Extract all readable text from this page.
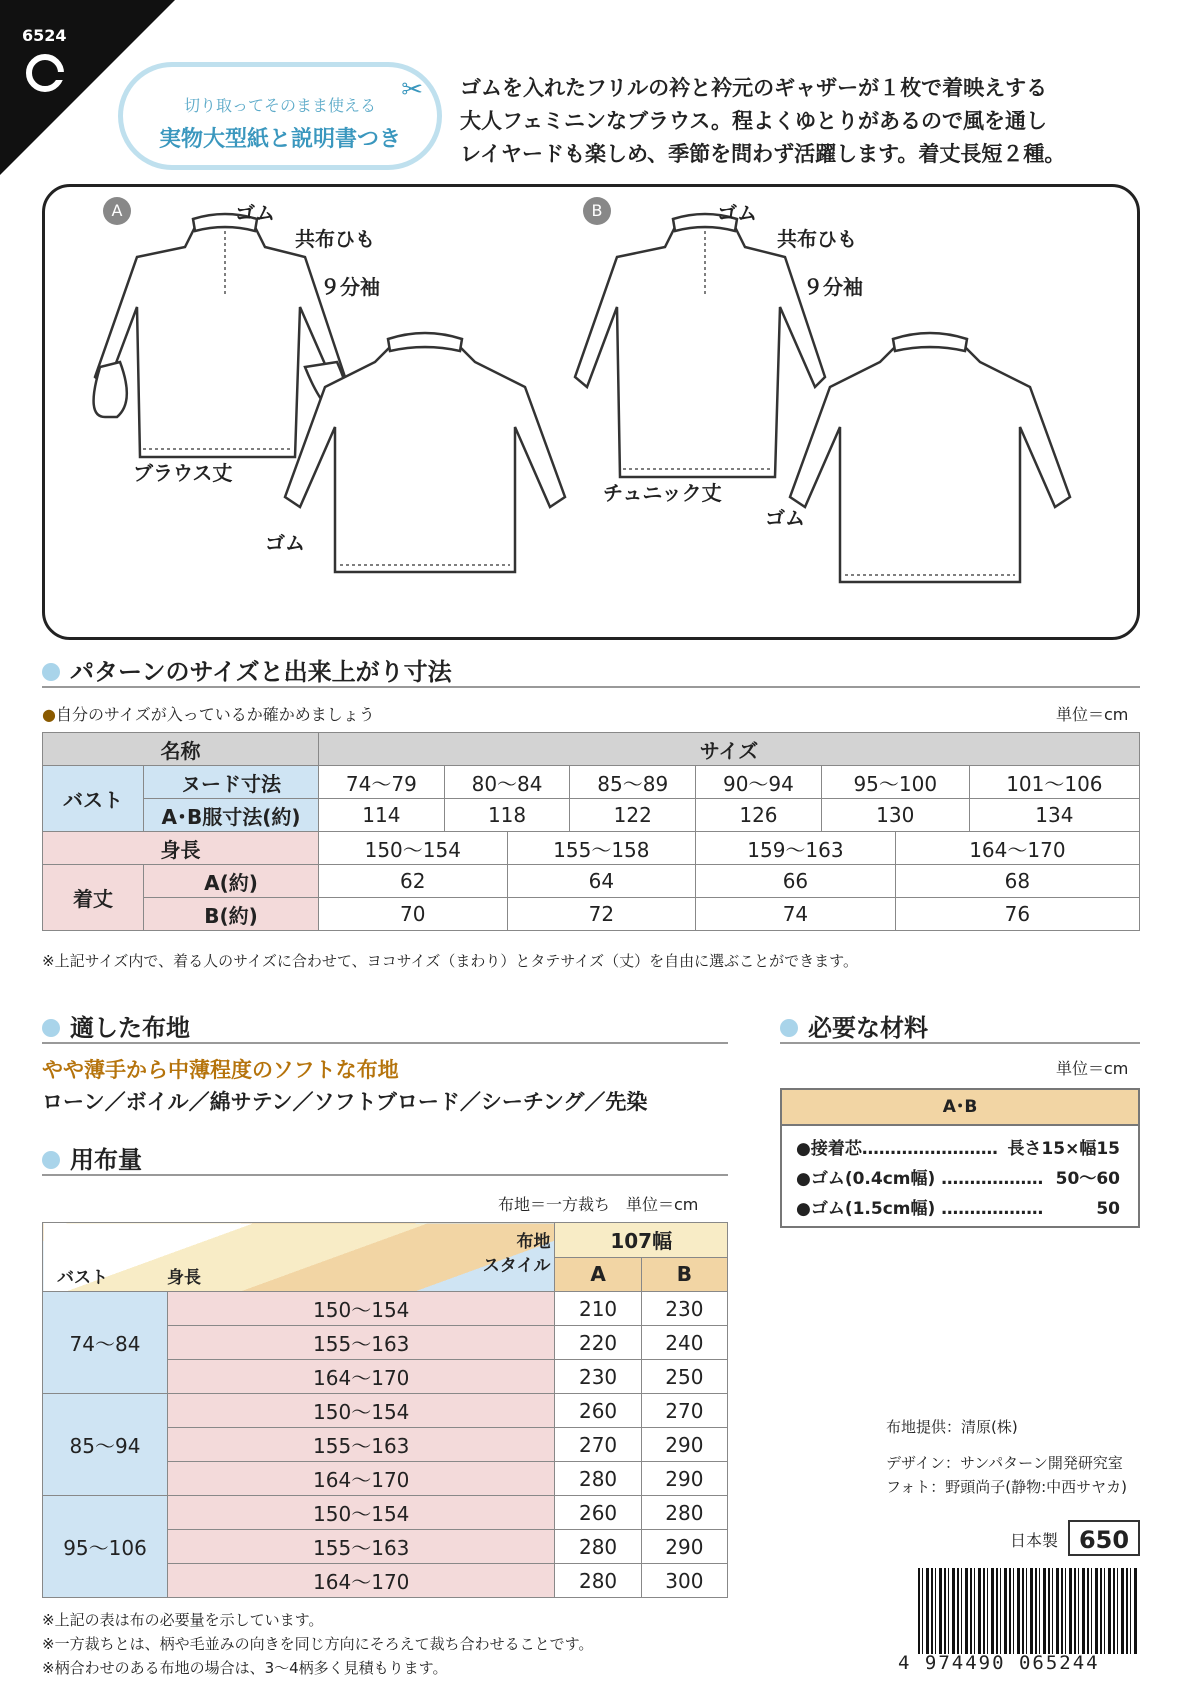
6524
✂
切り取ってそのまま使える
実物大型紙と説明書つき
ゴムを入れたフリルの衿と衿元のギャザーが１枚で着映えする
大人フェミニンなブラウス。程よくゆとりがあるので風を通し
レイヤードも楽しめ、季節を問わず活躍します。着丈長短２種。
A	ゴム
共布ひも
９分袖
ブラウス丈
ゴム
B	ゴム
共布ひも
９分袖
チュニック丈
ゴム
パターンのサイズと出来上がり寸法
●自分のサイズが入っているか確かめましょう	単位＝cm
名称		サイズ							
バスト	ヌード寸法	74〜79	80〜84		85〜89	90〜94	95〜100		101〜106
	A･B服寸法(約)	114	118		122	126	130		134
身長		150〜154		155〜158		159〜163		164〜170	
着丈	A(約)	62		64		66		68	
	B(約)	70		72		74		76	
※上記サイズ内で、着る人のサイズに合わせて、ヨコサイズ（まわり）とタテサイズ（丈）を自由に選ぶことができます。
適した布地
やや薄手から中薄程度のソフトな布地
ローン／ボイル／綿サテン／ソフトブロード／シーチング／先染
必要な材料
単位＝cm
A･B
●接着芯…………………… 長さ15×幅15
●ゴム(0.4cm幅) ……………… 50〜60
●ゴム(1.5cm幅) ………………	50
用布量
布地＝一方裁ち　単位＝cm
布地
スタイル
身長
バスト		107幅	
		A	B
74〜84	150〜154	210	230
	155〜163	220	240
	164〜170	230	250
85〜94	150〜154	260	270
	155〜163	270	290
	164〜170	280	290
95〜106	150〜154	260	280
	155〜163	280	290
	164〜170	280	300
※上記の表は布の必要量を示しています。
※一方裁ちとは、柄や毛並みの向きを同じ方向にそろえて裁ち合わせることです。
※柄合わせのある布地の場合は、3〜4柄多く見積もります。
布地提供：清原(株)
デザイン：サンパターン開発研究室
フォト：野頭尚子(静物:中西サヤカ)
日本製 650
4 974490 065244
